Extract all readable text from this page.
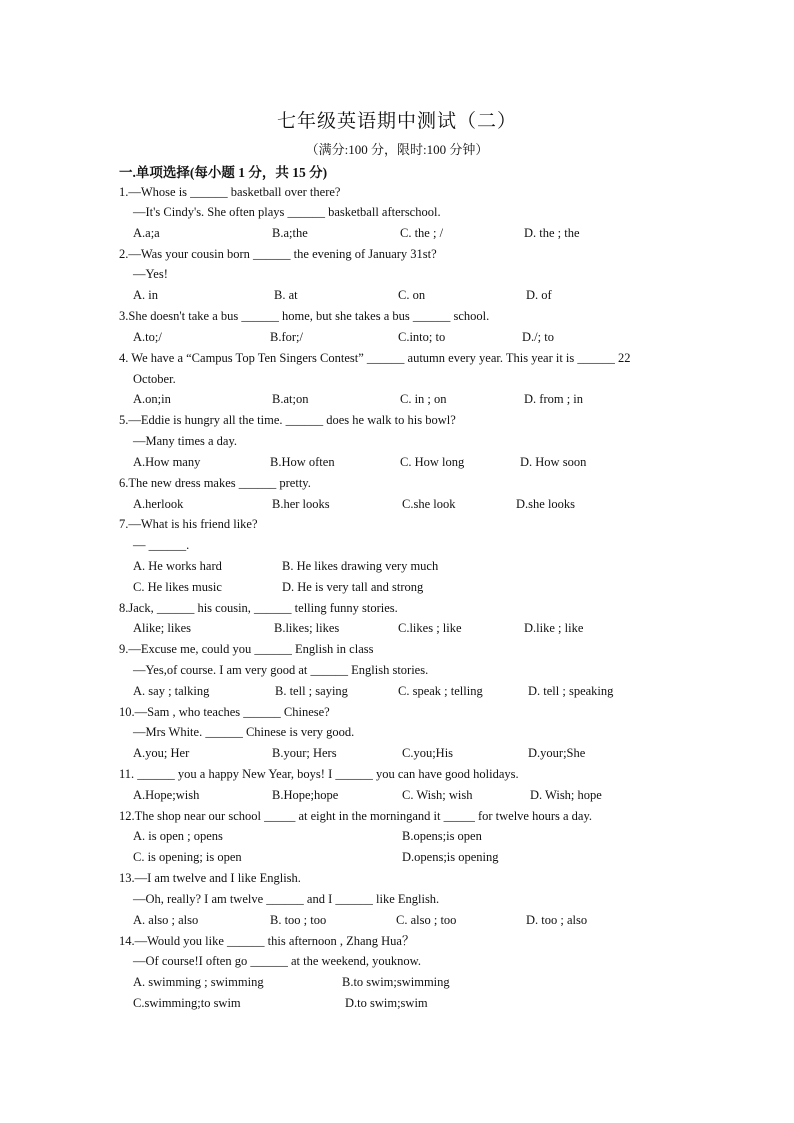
七年级英语期中测试（二）
（满分:100 分，限时:100 分钟）
一.单项选择(每小题 1 分，共 15 分)
1.—Whose is ______ basketball over there?
—It's Cindy's. She often plays ______ basketball afterschool.
A.a;a	B.a;the	C. the ; /	D. the ; the
2.—Was your cousin born ______ the evening of January 31st?
—Yes!
A. in	B. at	C. on	D. of
3.She doesn't take a bus ______ home, but she takes a bus ______ school.
A.to;/	B.for;/	C.into; to	D./; to
4. We have a “Campus Top Ten Singers Contest” ______ autumn every year. This year it is ______ 22
October.
A.on;in	B.at;on	C. in ; on	D. from ; in
5.—Eddie is hungry all the time. ______ does he walk to his bowl?
—Many times a day.
A.How many	B.How often	C. How long	D. How soon
6.The new dress makes ______ pretty.
A.herlook	B.her looks	C.she look	D.she looks
7.—What is his friend like?
— ______.
A. He works hard	B. He likes drawing very much
C. He likes music	D. He is very tall and strong
8.Jack, ______ his cousin, ______ telling funny stories.
Alike; likes	B.likes; likes	C.likes ; like	D.like ; like
9.—Excuse me, could you ______ English in class
—Yes,of course. I am very good at ______ English stories.
A. say ; talking	B. tell ; saying	C. speak ; telling	D. tell ; speaking
10.—Sam , who teaches ______ Chinese?
—Mrs White. ______ Chinese is very good.
A.you; Her	B.your; Hers	C.you;His	D.your;She
11. ______ you a happy New Year, boys! I ______ you can have good holidays.
A.Hope;wish	B.Hope;hope	C. Wish; wish	D. Wish; hope
12.The shop near our school _____ at eight in the morningand it _____ for twelve hours a day.
A. is open ; opens	B.opens;is open
C. is opening; is open	D.opens;is opening
13.—I am twelve and I like English.
—Oh, really? I am twelve ______ and I ______ like English.
A. also ; also	B. too ; too	C. also ; too	D. too ; also
14.—Would you like ______ this afternoon , Zhang Hua？
—Of course!I often go ______ at the weekend, youknow.
A. swimming ; swimming	B.to swim;swimming
C.swimming;to swim	D.to swim;swim
